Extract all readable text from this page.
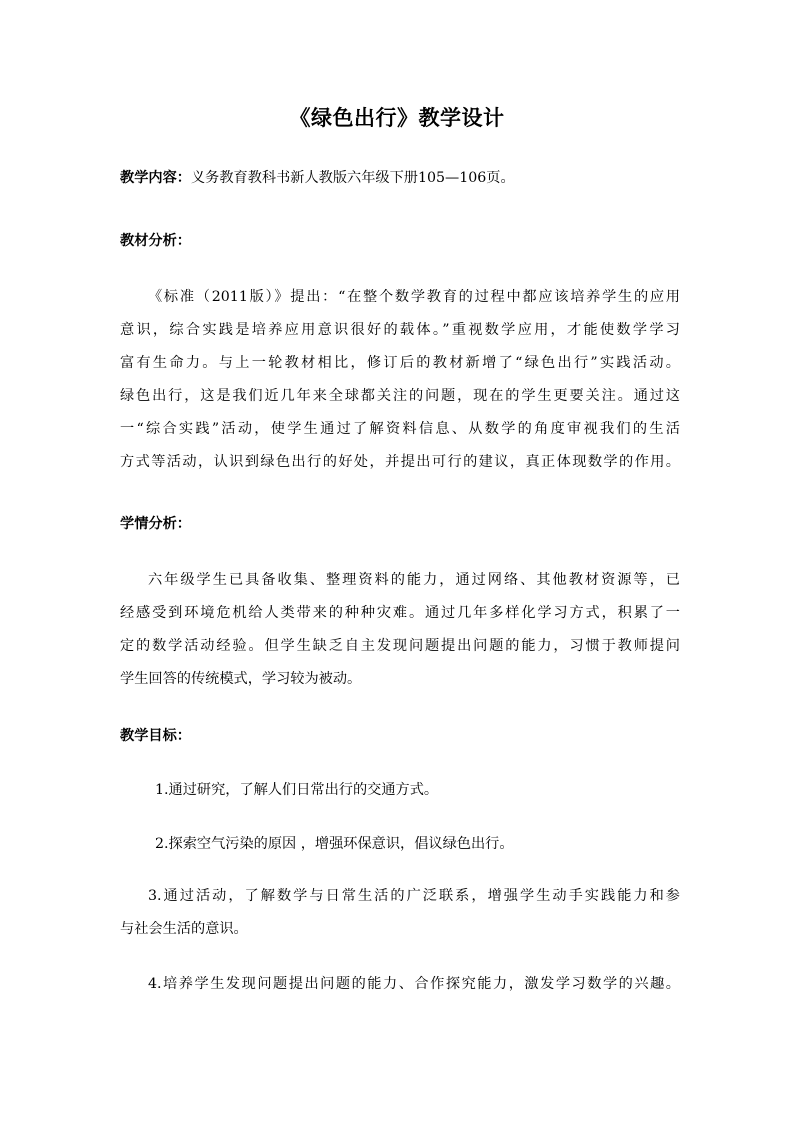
《绿色出行》教学设计
教学内容：义务教育教科书新人教版六年级下册105—106页。
教材分析：
《标准（2011版）》提出：“在整个数学教育的过程中都应该培养学生的应用
意识，综合实践是培养应用意识很好的载体。”重视数学应用，才能使数学学习
富有生命力。与上一轮教材相比，修订后的教材新增了“绿色出行”实践活动。
绿色出行，这是我们近几年来全球都关注的问题，现在的学生更要关注。通过这
一“综合实践”活动，使学生通过了解资料信息、从数学的角度审视我们的生活
方式等活动，认识到绿色出行的好处，并提出可行的建议，真正体现数学的作用。
学情分析：
六年级学生已具备收集、整理资料的能力，通过网络、其他教材资源等，已
经感受到环境危机给人类带来的种种灾难。通过几年多样化学习方式，积累了一
定的数学活动经验。但学生缺乏自主发现问题提出问题的能力，习惯于教师提问
学生回答的传统模式，学习较为被动。
教学目标：
1.通过研究，了解人们日常出行的交通方式。
2.探索空气污染的原因 ，增强环保意识，倡议绿色出行。
3.通过活动，了解数学与日常生活的广泛联系，增强学生动手实践能力和参
与社会生活的意识。
4.培养学生发现问题提出问题的能力、合作探究能力，激发学习数学的兴趣。
